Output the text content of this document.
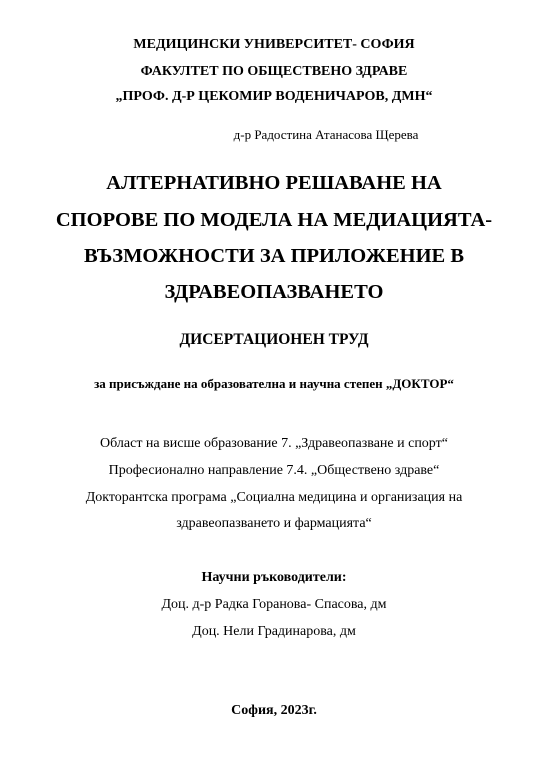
МЕДИЦИНСКИ УНИВЕРСИТЕТ- СОФИЯ
ФАКУЛТЕТ ПО ОБЩЕСТВЕНО ЗДРАВЕ
„ПРОФ. Д-Р ЦЕКОМИР ВОДЕНИЧАРОВ, ДМН“
д-р Радостина Атанасова Щерева
АЛТЕРНАТИВНО РЕШАВАНЕ НА
СПОРОВЕ ПО МОДЕЛА НА МЕДИАЦИЯТА-
ВЪЗМОЖНОСТИ ЗА ПРИЛОЖЕНИЕ В
ЗДРАВЕОПАЗВАНЕТО
ДИСЕРТАЦИОНЕН ТРУД
за присъждане на образователна и научна степен „ДОКТОР“
Област на висше образование 7. „Здравеопазване и спорт“
Професионално направление 7.4. „Обществено здраве“
Докторантска програма „Социална медицина и организация на
здравеопазването и фармацията“
Научни ръководители:
Доц. д-р Радка Горанова- Спасова, дм
Доц. Нели Градинарова, дм
София, 2023г.
